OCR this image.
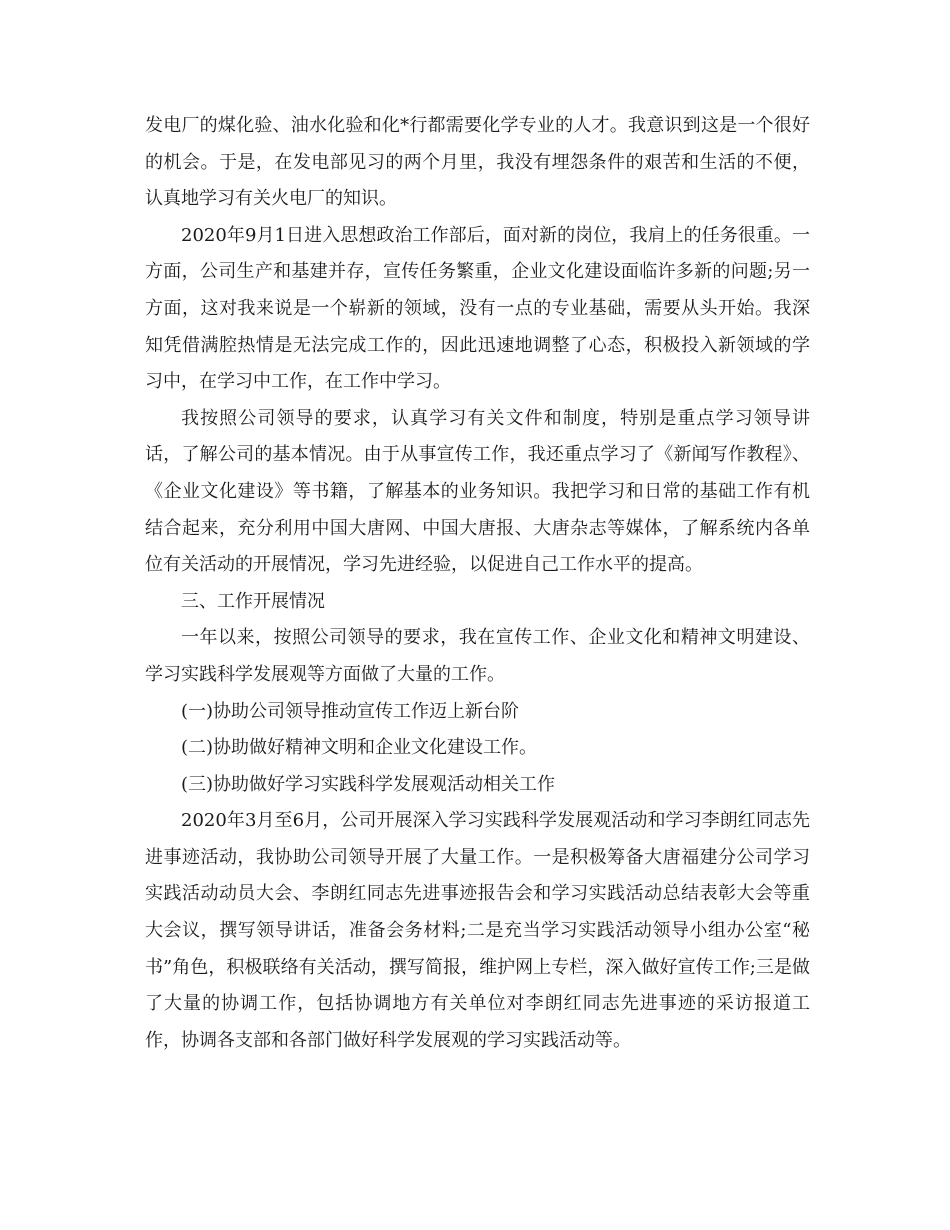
发电厂的煤化验、油水化验和化*行都需要化学专业的人才。我意识到这是一个很好的机会。于是，在发电部见习的两个月里，我没有埋怨条件的艰苦和生活的不便，认真地学习有关火电厂的知识。

2020年9月1日进入思想政治工作部后，面对新的岗位，我肩上的任务很重。一方面，公司生产和基建并存，宣传任务繁重，企业文化建设面临许多新的问题;另一方面，这对我来说是一个崭新的领域，没有一点的专业基础，需要从头开始。我深知凭借满腔热情是无法完成工作的，因此迅速地调整了心态，积极投入新领域的学习中，在学习中工作，在工作中学习。

我按照公司领导的要求，认真学习有关文件和制度，特别是重点学习领导讲话，了解公司的基本情况。由于从事宣传工作，我还重点学习了《新闻写作教程》、《企业文化建设》等书籍，了解基本的业务知识。我把学习和日常的基础工作有机结合起来，充分利用中国大唐网、中国大唐报、大唐杂志等媒体，了解系统内各单位有关活动的开展情况，学习先进经验，以促进自己工作水平的提高。

三、工作开展情况

一年以来，按照公司领导的要求，我在宣传工作、企业文化和精神文明建设、学习实践科学发展观等方面做了大量的工作。

(一)协助公司领导推动宣传工作迈上新台阶

(二)协助做好精神文明和企业文化建设工作。

(三)协助做好学习实践科学发展观活动相关工作

2020年3月至6月，公司开展深入学习实践科学发展观活动和学习李朗红同志先进事迹活动，我协助公司领导开展了大量工作。一是积极筹备大唐福建分公司学习实践活动动员大会、李朗红同志先进事迹报告会和学习实践活动总结表彰大会等重大会议，撰写领导讲话，准备会务材料;二是充当学习实践活动领导小组办公室“秘书”角色，积极联络有关活动，撰写简报，维护网上专栏，深入做好宣传工作;三是做了大量的协调工作，包括协调地方有关单位对李朗红同志先进事迹的采访报道工作，协调各支部和各部门做好科学发展观的学习实践活动等。
